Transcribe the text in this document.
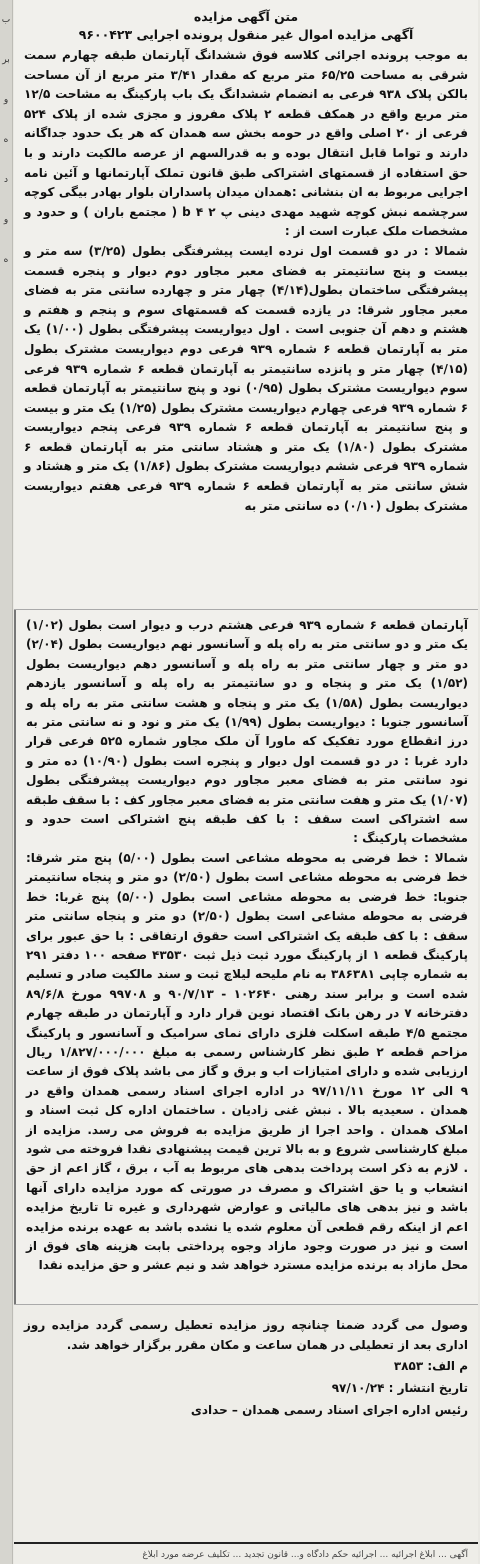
ب
بر
و
ه
د
و
ه
متن آگهی مزایده
آگهی مزایده اموال غیر منقول پرونده اجرایی ۹۶۰۰۴۲۳

به موجب پرونده اجرائی کلاسه فوق ششدانگ آپارتمان طبقه چهارم سمت شرقی به مساحت ۶۵/۲۵ متر مربع که مقدار ۳/۴۱ متر مربع از آن مساحت بالکن پلاک ۹۳۸ فرعی به انضمام ششدانگ یک باب پارکینگ به مشاحت ۱۲/۵ متر مربع واقع در همکف قطعه ۲ پلاک مفروز و مجزی شده از پلاک ۵۲۴ فرعی از ۲۰ اصلی واقع در حومه بخش سه همدان که هر یک حدود جداگانه دارند و تواما قابل انتقال بوده و به قدرالسهم از عرصه مالکیت دارند و با حق استفاده از قسمتهای اشتراکی طبق قانون تملک آپارتمانها و آئین نامه اجرایی مربوط به ان بنشانی :همدان میدان پاسداران بلوار بهادر بیگی کوچه سرچشمه نبش کوچه شهید مهدی دینی پ ۲ b ۴ ( مجتمع باران ) و حدود و مشخصات ملک عبارت است از :

شمالا : در دو قسمت اول نرده ایست پیشرفتگی بطول (۳/۲۵) سه متر و بیست و پنج سانتیمتر به فضای معبر مجاور دوم دیوار و پنجره قسمت پیشرفتگی ساختمان بطول(۴/۱۴) چهار متر و چهارده سانتی متر به فضای معبر مجاور شرقا: در یازده قسمت که قسمتهای سوم و پنجم و هفتم و هشتم و دهم آن جنوبی است . اول دیواریست پیشرفتگی بطول (۱/۰۰) یک متر به آپارتمان قطعه ۶ شماره ۹۳۹ فرعی دوم دیواریست مشترک بطول (۴/۱۵) چهار متر و پانزده سانتیمتر به آپارتمان قطعه ۶ شماره ۹۳۹ فرعی سوم دیواریست مشترک بطول (۰/۹۵) نود و پنج سانتیمتر به آپارتمان قطعه ۶ شماره ۹۳۹ فرعی چهارم دیواریست مشترک بطول (۱/۲۵) یک متر و بیست و پنج سانتیمتر به آپارتمان قطعه ۶ شماره ۹۳۹ فرعی پنجم دیواریست مشترک بطول (۱/۸۰) یک متر و هشتاد سانتی متر به آپارتمان قطعه ۶ شماره ۹۳۹ فرعی ششم دیواریست مشترک بطول (۱/۸۶) یک متر و هشتاد و شش سانتی متر به آپارتمان قطعه ۶ شماره ۹۳۹ فرعی هفتم دیواریست مشترک بطول (۰/۱۰) ده سانتی متر به

آپارتمان قطعه ۶ شماره ۹۳۹ فرعی هشتم درب و دیوار است بطول (۱/۰۲) یک متر و دو سانتی متر به راه پله و آسانسور نهم دیواریست بطول (۲/۰۴) دو متر و چهار سانتی متر به راه پله و آسانسور دهم دیواریست بطول (۱/۵۲) یک متر و پنجاه و دو سانتیمتر به راه پله و آسانسور یازدهم دیواریست بطول (۱/۵۸) یک متر و پنجاه و هشت سانتی متر به راه پله و آسانسور جنوبا : دیواریست بطول (۱/۹۹) یک متر و نود و نه سانتی متر به درز انقطاع مورد تفکیک که ماورا آن ملک مجاور شماره ۵۲۵ فرعی قرار دارد غربا : در دو قسمت اول دیوار و پنجره است بطول (۱۰/۹۰) ده متر و نود سانتی متر به فضای معبر مجاور دوم دیواریست پیشرفتگی بطول (۱/۰۷) یک متر و هفت سانتی متر به فضای معبر مجاور کف : با سقف طبقه سه اشتراکی است سقف : با کف طبقه پنج اشتراکی است حدود و مشخصات پارکینگ :

شمالا : خط فرضی به محوطه مشاعی است بطول (۵/۰۰) پنج متر شرقا: خط فرضی به محوطه مشاعی است بطول (۲/۵۰) دو متر و پنجاه سانتیمتر جنوبا: خط فرضی به محوطه مشاعی است بطول (۵/۰۰) پنج غربا: خط فرضی به محوطه مشاعی است بطول (۲/۵۰) دو متر و پنجاه سانتی متر سقف : با کف طبقه یک اشتراکی است حقوق ارتفاقی : با حق عبور برای پارکینگ قطعه ۱ از پارکینگ مورد ثبت ذیل ثبت ۴۳۵۳۰ صفحه ۱۰۰ دفتر ۲۹۱ به شماره چاپی ۳۸۶۳۸۱ به نام ملیحه لیلاچ ثبت و سند مالکیت صادر و تسلیم شده است و برابر سند رهنی ۱۰۲۶۴۰ - ۹۰/۷/۱۳ و ۹۹۷۰۸ مورخ ۸۹/۶/۸ دفترخانه ۷ در رهن بانک اقتصاد نوین قرار دارد و آپارتمان در طبقه چهارم مجتمع ۴/۵ طبقه اسکلت فلزی دارای نمای سرامیک و آسانسور و پارکینگ مزاحم قطعه ۲ طبق نظر کارشناس رسمی به مبلغ ۱/۸۲۷/۰۰۰/۰۰۰ ریال ارزیابی شده و دارای امتیازات اب و برق و گاز می باشد پلاک فوق از ساعت ۹ الی ۱۲ مورخ ۹۷/۱۱/۱۱ در اداره اجرای اسناد رسمی همدان واقع در همدان . سعیدیه بالا . نبش غنی زادیان . ساختمان اداره کل ثبت اسناد و املاک همدان . واحد اجرا از طریق مزایده به فروش می رسد. مزایده از مبلغ کارشناسی شروع و به بالا ترین قیمت پیشنهادی نقدا فروخته می شود . لازم به ذکر است پرداخت بدهی های مربوط به آب ، برق ، گاز اعم از حق انشعاب و یا حق اشتراک و مصرف در صورتی که مورد مزایده دارای آنها باشد و نیز بدهی های مالیاتی و عوارض شهرداری و غیره تا تاریخ مزایده اعم از اینکه رقم قطعی آن معلوم شده یا نشده باشد به عهده برنده مزایده است و نیز در صورت وجود مازاد وجوه پرداختی بابت هزینه های فوق از محل مازاد به برنده مزایده مسترد خواهد شد و نیم عشر و حق مزایده نقدا

وصول می گردد ضمنا چنانچه روز مزایده تعطیل رسمی گردد مزایده روز اداری بعد از تعطیلی در همان ساعت و مکان مقرر برگزار خواهد شد.

م الف: ۳۸۵۳
تاریخ انتشار : ۹۷/۱۰/۲۴
رئیس اداره اجرای اسناد رسمی همدان – حدادی
آگهی ... ابلاغ اجرائیه ... اجرائیه حکم دادگاه و... قانون تجدید ... تکلیف عرضه مورد ابلاغ
